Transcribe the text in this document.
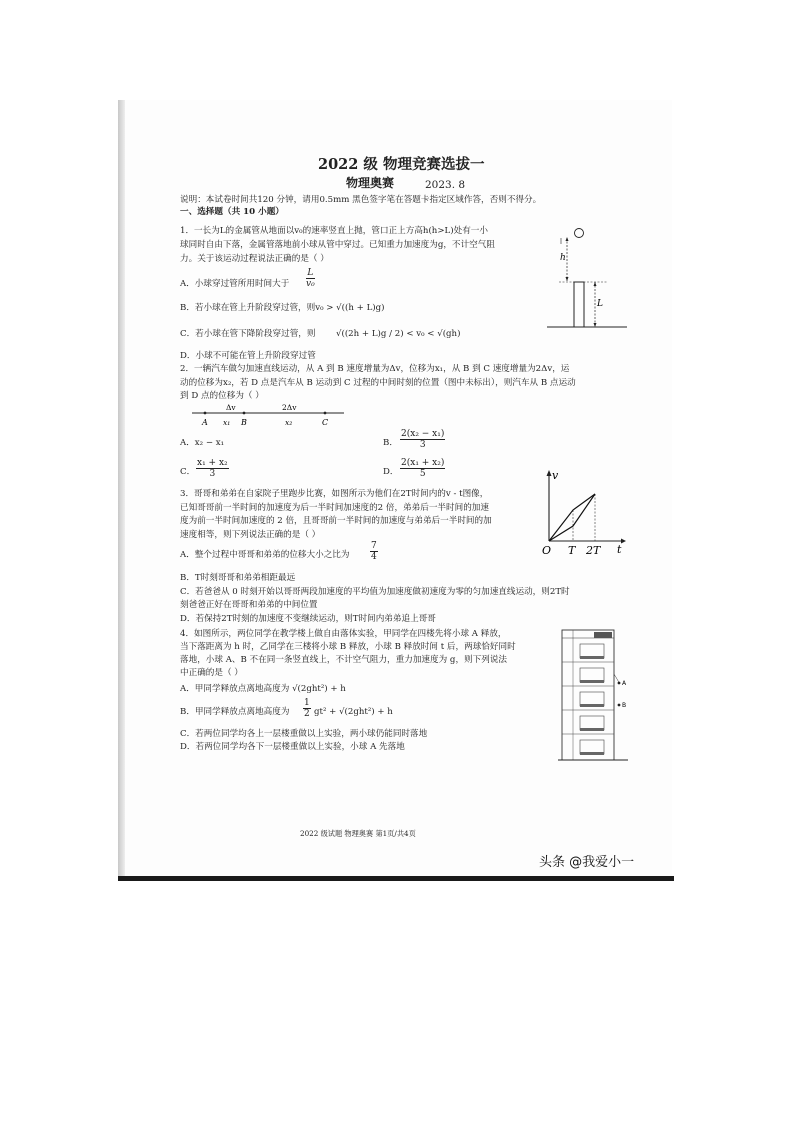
2022 级 物理竞赛选拔一
物理奥赛	2023. 8
说明：本试卷时间共120 分钟，请用0.5mm 黑色签字笔在答题卡指定区域作答，否则不得分。
一、选择题（共 10 小题）
1．一长为L的金属管从地面以v₀的速率竖直上抛，管口正上方高h(h>L)处有一小
球同时自由下落，金属管落地前小球从管中穿过。已知重力加速度为g，不计空气阻
力。关于该运动过程说法正确的是（ ）
A．小球穿过管所用时间大于 $\frac{L}{\text{v₀}}$
B．若小球在管上升阶段穿过管，则v₀ > √((h + L)g)
C．若小球在管下降阶段穿过管，则 √((2h + L)g / 2) < v₀ < √(gh)
D．小球不可能在管上升阶段穿过管
h
L
2．一辆汽车做匀加速直线运动，从 A 到 B 速度增量为Δv，位移为x₁，从 B 到 C 速度增量为2Δv，运
动的位移为x₂，若 D 点是汽车从 B 运动到 C 过程的中间时刻的位置（图中未标出），则汽车从 B 点运动
到 D 点的位移为（ ）
Δv	2Δv
A x₁ B	x₂	C
A．x₂ − x₁	B． $\frac{\text{2(x₂ − x₁)}}{3}$
C． $\frac{\text{x₁ + x₂}}{3}$	D． $\frac{\text{2(x₁ + x₂)}}{5}$
3．哥哥和弟弟在自家院子里跑步比赛，如图所示为他们在2T时间内的v - t图像，
已知哥哥前一半时间的加速度为后一半时间加速度的2 倍，弟弟后一半时间的加速
度为前一半时间加速度的 2 倍，且哥哥前一半时间的加速度与弟弟后一半时间的加
速度相等，则下列说法正确的是（ ）
A．整个过程中哥哥和弟弟的位移大小之比为 $\frac{7}{4}$
B．T时刻哥哥和弟弟相距最远
C．若爸爸从 0 时刻开始以哥哥两段加速度的平均值为加速度做初速度为零的匀加速直线运动，则2T时
刻爸爸正好在哥哥和弟弟的中间位置
D．若保持2T时刻的加速度不变继续运动，则T时间内弟弟追上哥哥
v
t
O T 2T
4．如图所示，两位同学在教学楼上做自由落体实验，甲同学在四楼先将小球 A 释放，
当下落距离为 h 时，乙同学在三楼将小球 B 释放，小球 B 释放时间 t 后，两球恰好同时
落地，小球 A、B 不在同一条竖直线上，不计空气阻力，重力加速度为 g，则下列说法
中正确的是（ ）
A．甲同学释放点离地高度为 √(2ght²) + h
B．甲同学释放点离地高度为 $\frac{1}{2} gt^2 + √(2ght^2) + h$
C．若两位同学均各上一层楼重做以上实验，两小球仍能同时落地
D．若两位同学均各下一层楼重做以上实验，小球 A 先落地
A
B
2022 级试题 物理奥赛 第1页/共4页
头条 @我爱小一
